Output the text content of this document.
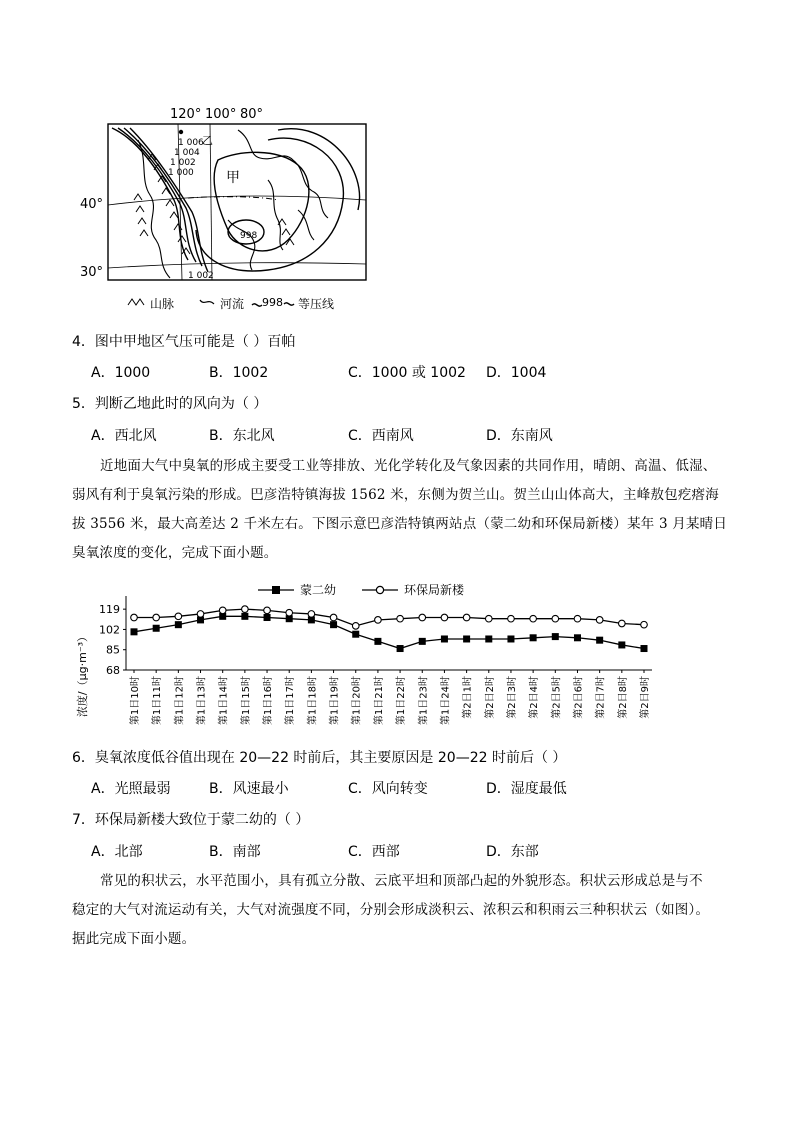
120° 100° 80°
40°
30°
1 006
1 004
1 002
1 000
998
1 002
甲
乙
山脉	河流 998 等压线
4．图中甲地区气压可能是（ ）百帕
A．1000	B．1002	C．1000 或 1002 D．1004
5．判断乙地此时的风向为（ ）
A．西北风	B．东北风	C．西南风	D．东南风

近地面大气中臭氧的形成主要受工业等排放、光化学转化及气象因素的共同作用，晴朗、高温、低湿、

弱风有利于臭氧污染的形成。巴彦浩特镇海拔 1562 米，东侧为贺兰山。贺兰山山体高大，主峰敖包疙瘩海

拔 3556 米，最大高差达 2 千米左右。下图示意巴彦浩特镇两站点（蒙二幼和环保局新楼）某年 3 月某晴日

臭氧浓度的变化，完成下面小题。

蒙二幼	环保局新楼
浓度/（μg·m⁻³） 68
85
102
119
第1日10时 第1日11时 第1日12时 第1日13时 第1日14时 第1日15时 第1日16时 第1日17时 第1日18时 第1日19时 第1日20时 第1日21时 第1日22时 第1日23时 第1日24时 第2日1时 第2日2时 第2日3时 第2日4时 第2日5时 第2日6时 第2日7时 第2日8时 第2日9时
6．臭氧浓度低谷值出现在 20—22 时前后，其主要原因是 20—22 时前后（ ）
A．光照最弱	B．风速最小	C．风向转变	D．湿度最低
7．环保局新楼大致位于蒙二幼的（ ）
A．北部	B．南部	C．西部	D．东部

常见的积状云，水平范围小，具有孤立分散、云底平坦和顶部凸起的外貌形态。积状云形成总是与不

稳定的大气对流运动有关，大气对流强度不同，分别会形成淡积云、浓积云和积雨云三种积状云（如图）。

据此完成下面小题。
